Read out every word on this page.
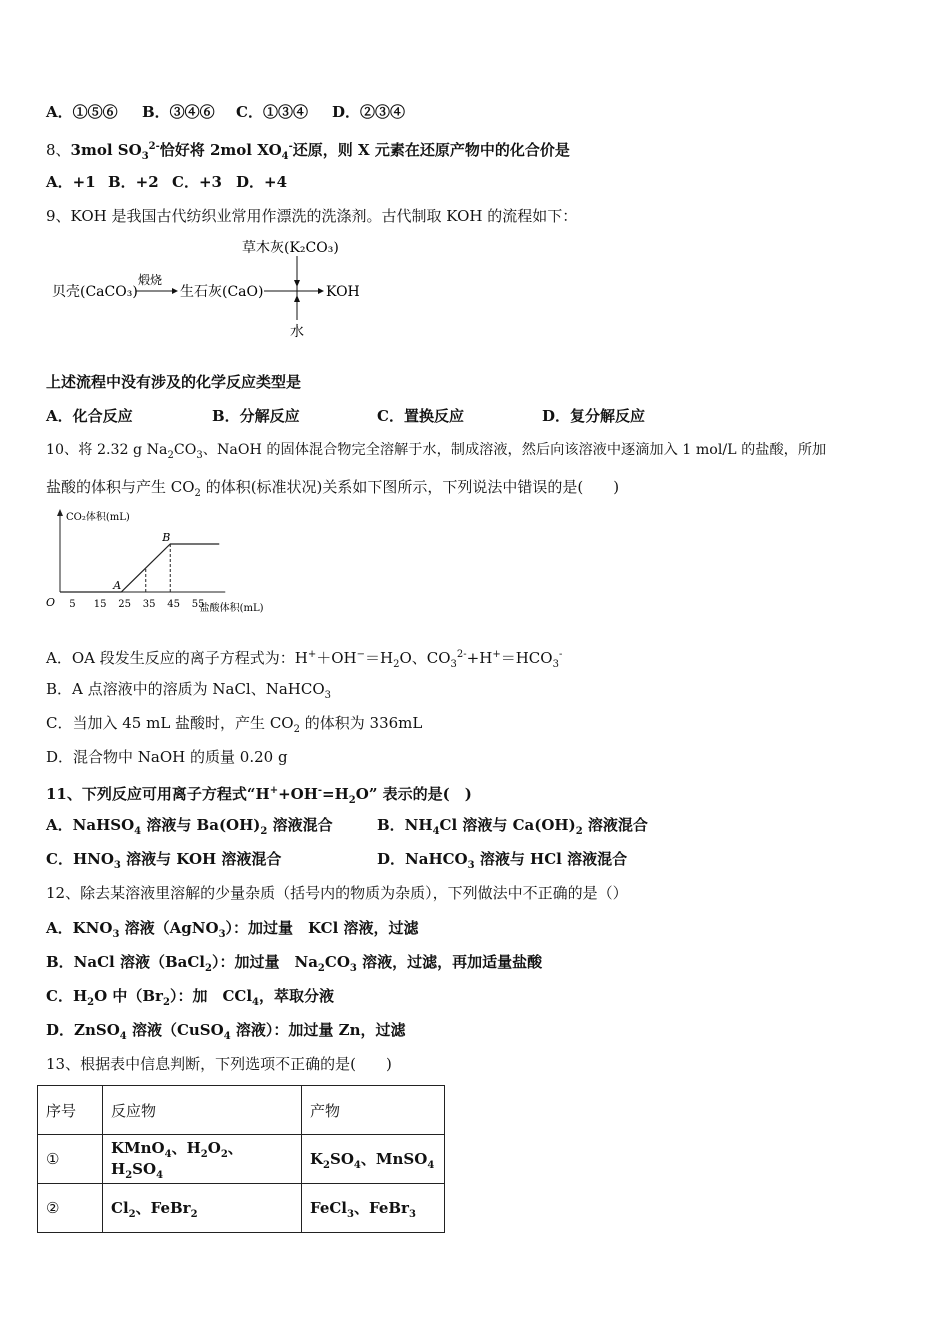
A．①⑤⑥ B．③④⑥ C．①③④ D．②③④
8、3mol $SO_3^{2-}$恰好将 2mol $XO_4^-$还原，则 X 元素在还原产物中的化合价是
A．+1 B．+2 C．+3 D．+4
9、KOH 是我国古代纺织业常用作漂洗的洗涤剂。古代制取 KOH 的流程如下：
贝壳(CaCO₃)
煅烧
生石灰(CaO)
草木灰(K₂CO₃)
KOH
水
上述流程中没有涉及的化学反应类型是
A．化合反应	B．分解反应	C．置换反应	D．复分解反应
10、将 2.32 g $Na_2CO_3$、NaOH 的固体混合物完全溶解于水，制成溶液，然后向该溶液中逐滴加入 1 mol/L 的盐酸，所加
盐酸的体积与产生 $CO_2$ 的体积(标准状况)关系如下图所示，下列说法中错误的是(　　)
CO₂体积(mL)
盐酸体积(mL)
O 5 15 25 35 45 55
A
B
A．OA 段发生反应的离子方程式为：$H^++OH^-=H_2O$、$CO_3^{2-}+H^+=HCO_3^-$
B．A 点溶液中的溶质为 NaCl、NaHCO$_3$
C．当加入 45 mL 盐酸时，产生 $CO_2$ 的体积为 336mL
D．混合物中 NaOH 的质量 0.20 g
11、下列反应可用离子方程式“$H^++OH^-=H_2O$” 表示的是(　)
A．NaHSO$_4$ 溶液与 $Ba(OH)_2$ 溶液混合	B．$NH_4Cl$ 溶液与 $Ca(OH)_2$ 溶液混合
C．$HNO_3$ 溶液与 KOH 溶液混合	D．NaHCO$_3$ 溶液与 HCl 溶液混合
12、除去某溶液里溶解的少量杂质（括号内的物质为杂质），下列做法中不正确的是（）
A．$KNO_3$ 溶液（AgNO$_3$）：加过量　KCl 溶液，过滤
B．NaCl 溶液（BaCl$_2$）：加过量　$Na_2CO_3$ 溶液，过滤，再加适量盐酸
C．$H_2O$ 中$(Br_2)$：加　CCl$_4$，萃取分液
D．ZnSO$_4$ 溶液（CuSO$_4$ 溶液）：加过量 Zn，过滤
13、根据表中信息判断，下列选项不正确的是(　　)
序号	反应物	产物
①	KMnO$_4$、$H_2O_2$、$H_2SO_4$	$K_2SO_4$、MnSO$_4$
②	$Cl_2$、FeBr$_2$	FeCl$_3$、FeBr$_3$
